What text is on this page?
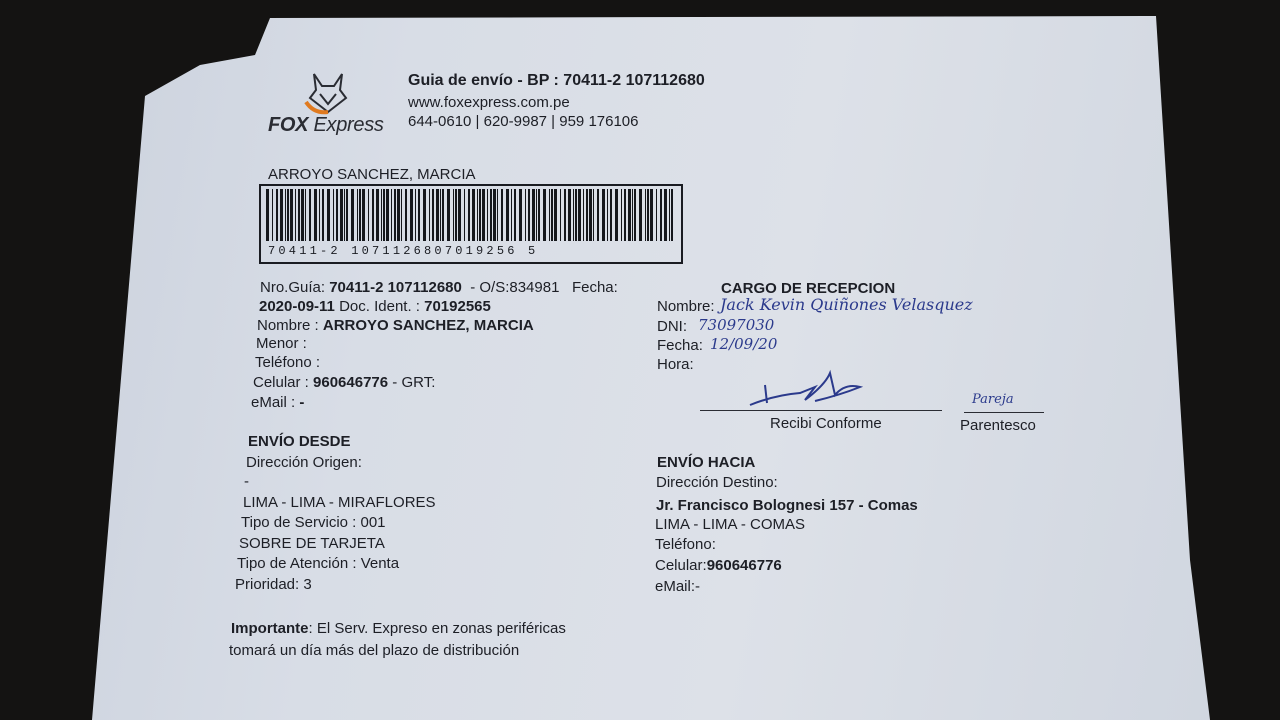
FOX Express
Guia de envío - BP : 70411-2 107112680
www.foxexpress.com.pe
644-0610 | 620-9987 | 959 176106
ARROYO SANCHEZ, MARCIA
70411-2 1071126807019256 5
Nro.Guía: 70411-2 107112680 - O/S:834981 Fecha:
2020-09-11 Doc. Ident. : 70192565
Nombre : ARROYO SANCHEZ, MARCIA
Menor :
Teléfono :
Celular : 960646776 - GRT:
eMail : -
CARGO DE RECEPCION
Nombre: Jack Kevin Quiñones Velasquez
DNI: 73097030
Fecha: 12/09/20
Hora:
Recibi Conforme
Pareja
Parentesco
ENVÍO DESDE
Dirección Origen:
-
LIMA - LIMA - MIRAFLORES
Tipo de Servicio : 001
SOBRE DE TARJETA
Tipo de Atención : Venta
Prioridad: 3
ENVÍO HACIA
Dirección Destino:
Jr. Francisco Bolognesi 157 - Comas
LIMA - LIMA - COMAS
Teléfono:
Celular:960646776
eMail:-
Importante: El Serv. Expreso en zonas periféricas
tomará un día más del plazo de distribución
